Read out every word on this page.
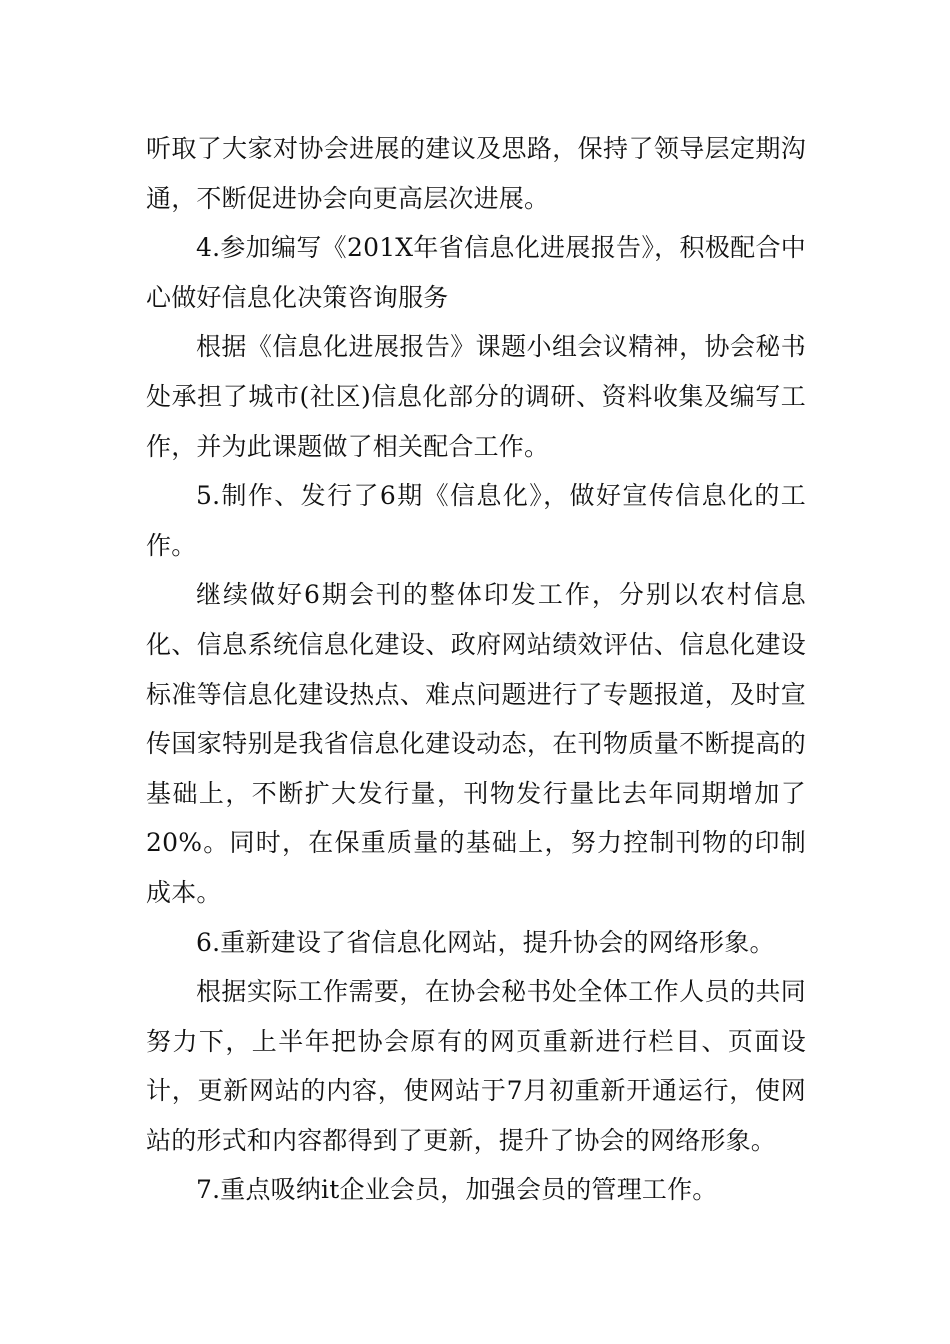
听取了大家对协会进展的建议及思路，保持了领导层定期沟通，不断促进协会向更高层次进展。

4.参加编写《201X年省信息化进展报告》，积极配合中心做好信息化决策咨询服务

根据《信息化进展报告》课题小组会议精神，协会秘书处承担了城市(社区)信息化部分的调研、资料收集及编写工作，并为此课题做了相关配合工作。

5.制作、发行了6期《信息化》，做好宣传信息化的工作。

继续做好6期会刊的整体印发工作，分别以农村信息化、信息系统信息化建设、政府网站绩效评估、信息化建设标准等信息化建设热点、难点问题进行了专题报道，及时宣传国家特别是我省信息化建设动态，在刊物质量不断提高的基础上，不断扩大发行量，刊物发行量比去年同期增加了20%。同时，在保重质量的基础上，努力控制刊物的印制成本。

6.重新建设了省信息化网站，提升协会的网络形象。

根据实际工作需要，在协会秘书处全体工作人员的共同努力下，上半年把协会原有的网页重新进行栏目、页面设计，更新网站的内容，使网站于7月初重新开通运行，使网站的形式和内容都得到了更新，提升了协会的网络形象。

7.重点吸纳it企业会员，加强会员的管理工作。
